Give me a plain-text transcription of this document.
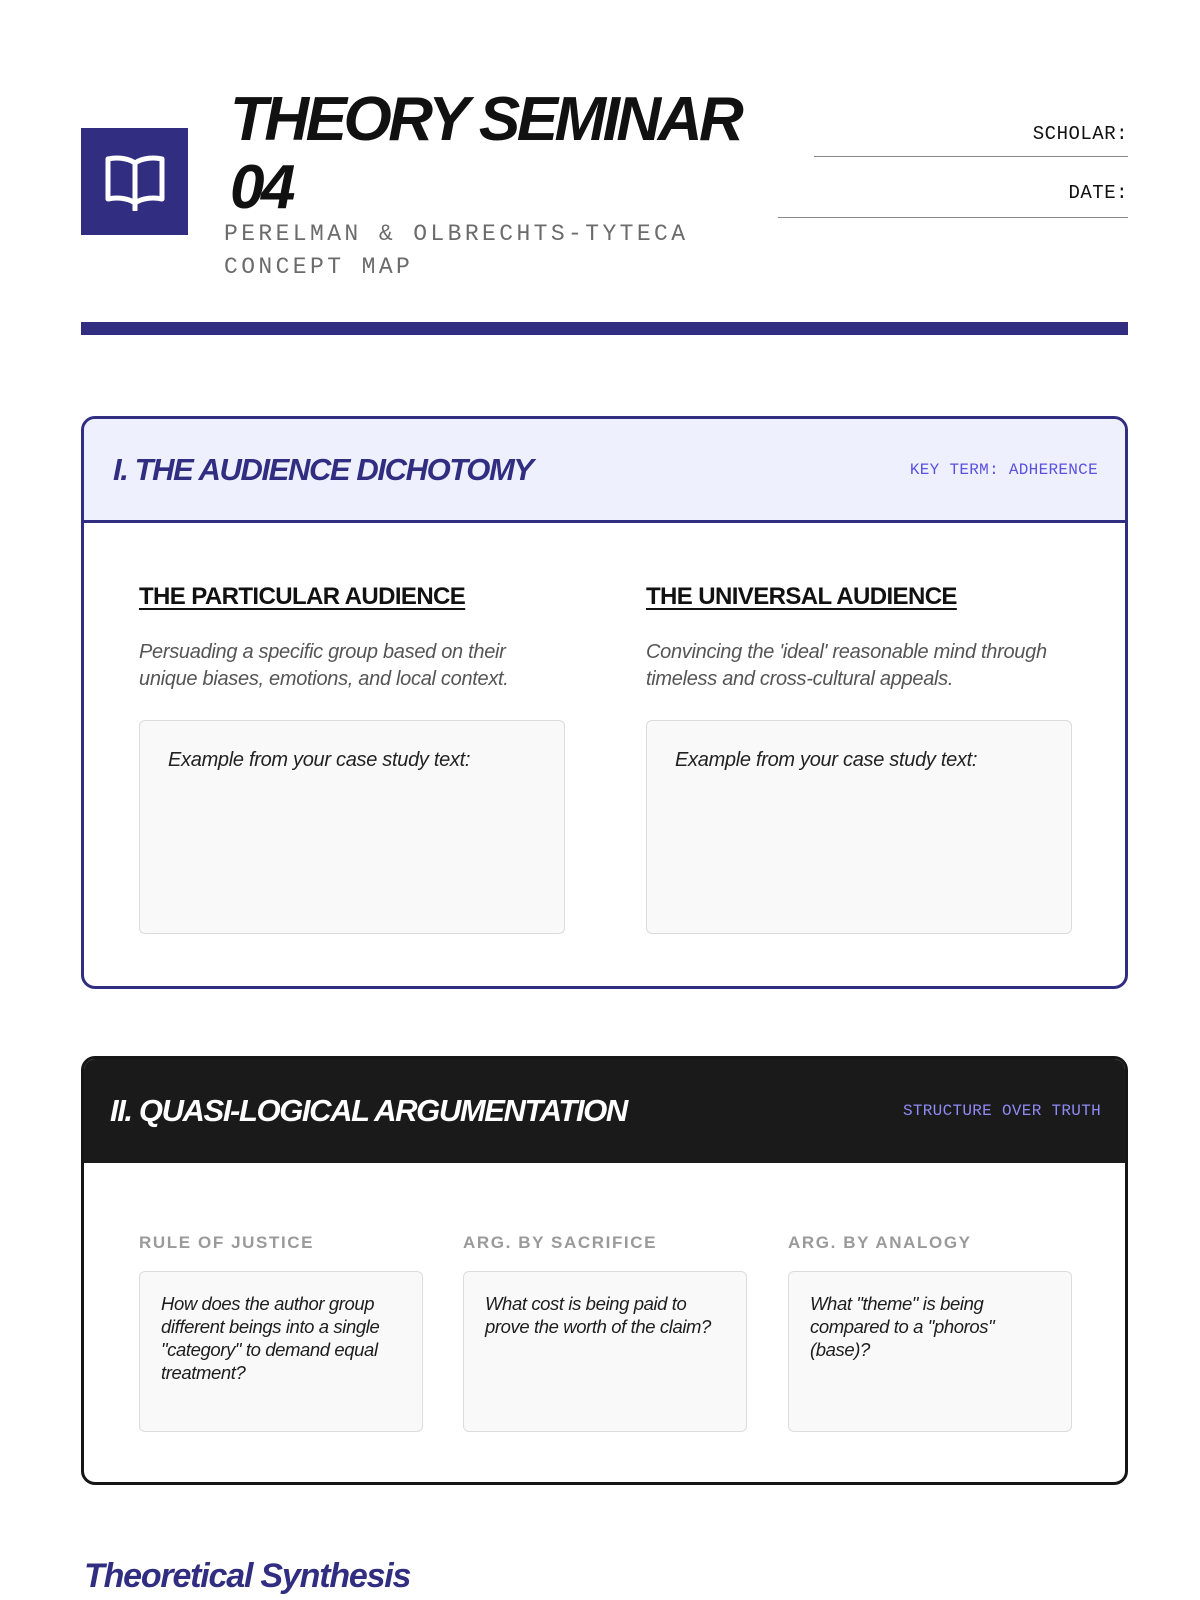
THEORY SEMINAR 04
PERELMAN & OLBRECHTS-TYTECA CONCEPT MAP
SCHOLAR:
DATE:
I. THE AUDIENCE DICHOTOMY	KEY TERM: ADHERENCE
THE PARTICULAR AUDIENCE
Persuading a specific group based on their unique biases, emotions, and local context.
Example from your case study text:
THE UNIVERSAL AUDIENCE
Convincing the 'ideal' reasonable mind through timeless and cross-cultural appeals.
Example from your case study text:
II. QUASI-LOGICAL ARGUMENTATION	STRUCTURE OVER TRUTH
RULE OF JUSTICE
How does the author group different beings into a single "category" to demand equal treatment?
ARG. BY SACRIFICE
What cost is being paid to prove the worth of the claim?
ARG. BY ANALOGY
What "theme" is being compared to a "phoros" (base)?
Theoretical Synthesis
